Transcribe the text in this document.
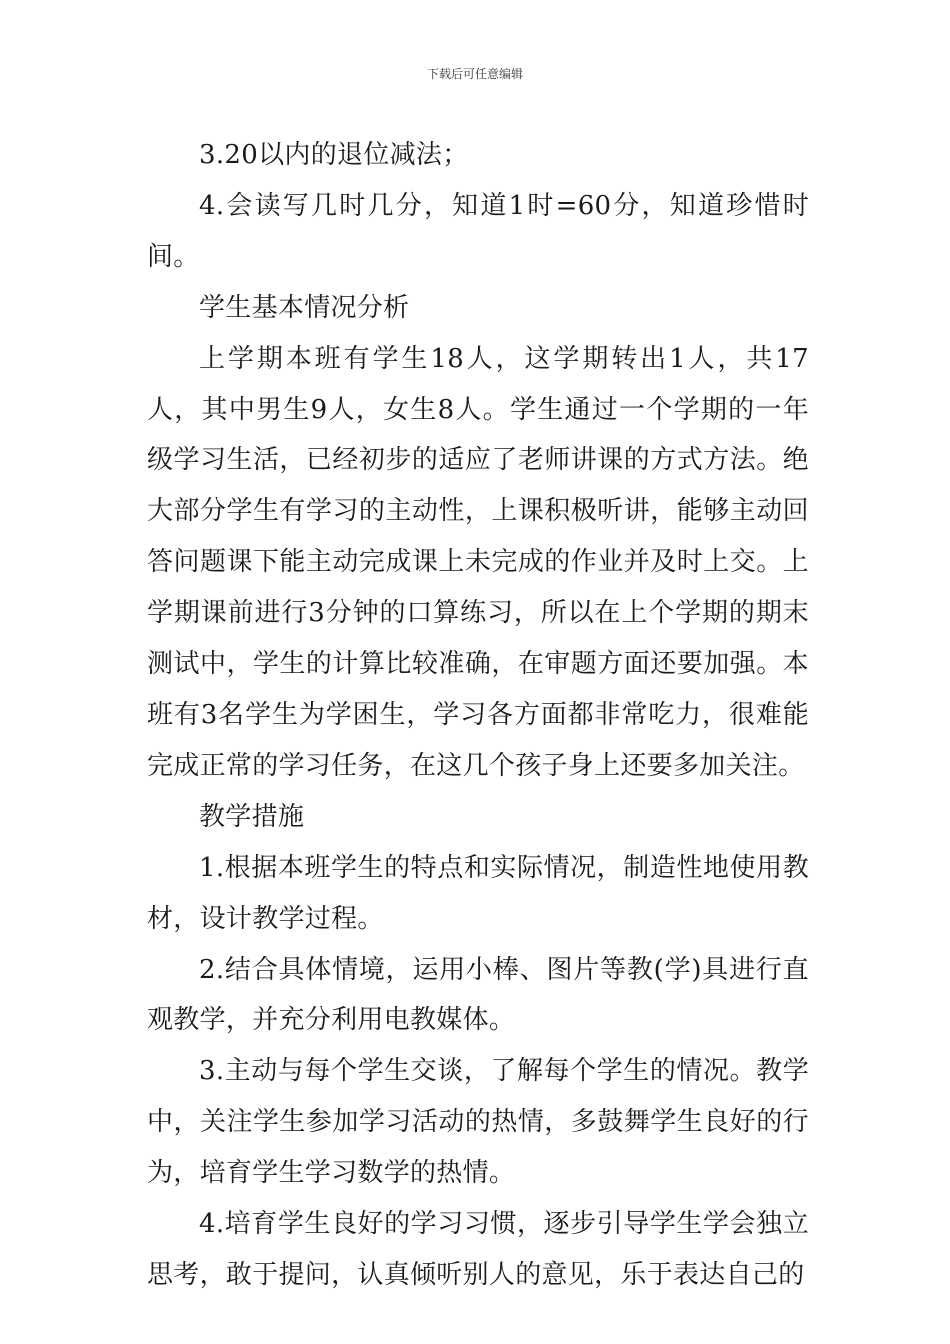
下载后可任意编辑

3.20以内的退位减法；

4.会读写几时几分，知道1时=60分，知道珍惜时间。

学生基本情况分析

上学期本班有学生18人，这学期转出1人，共17人，其中男生9人，女生8人。学生通过一个学期的一年级学习生活，已经初步的适应了老师讲课的方式方法。绝大部分学生有学习的主动性，上课积极听讲，能够主动回答问题课下能主动完成课上未完成的作业并及时上交。上学期课前进行3分钟的口算练习，所以在上个学期的期末测试中，学生的计算比较准确，在审题方面还要加强。本班有3名学生为学困生，学习各方面都非常吃力，很难能完成正常的学习任务，在这几个孩子身上还要多加关注。

教学措施

1.根据本班学生的特点和实际情况，制造性地使用教材，设计教学过程。

2.结合具体情境，运用小棒、图片等教(学)具进行直观教学，并充分利用电教媒体。

3.主动与每个学生交谈，了解每个学生的情况。教学中，关注学生参加学习活动的热情，多鼓舞学生良好的行为，培育学生学习数学的热情。

4.培育学生良好的学习习惯，逐步引导学生学会独立思考，敢于提问，认真倾听别人的意见，乐于表达自己的
